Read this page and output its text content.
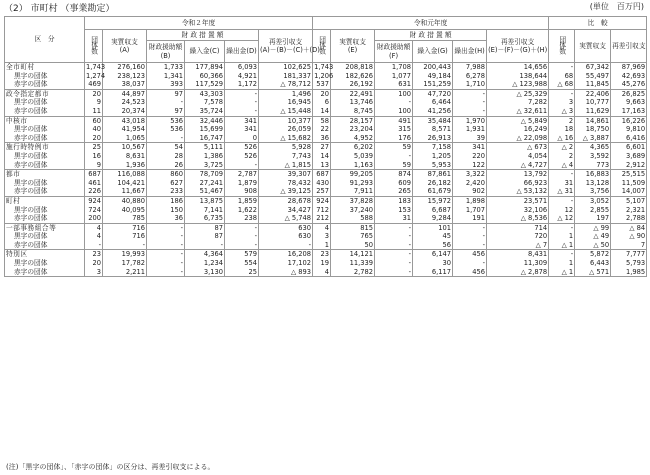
（2） 市町村 （事業勘定）	(単位　百万円)
区　分	令和２年度						令和元年度						比　較		
	団体数	実質収支
(A)	財 政 措 置 額			再差引収支
(A)－(B)－(C)＋(D)	団体数	実質収支
(E)	財 政 措 置 額			再差引収支
(E)－(F)－(G)＋(H)	団体数	実質収支	再差引収支
			財政援助額(B)	繰入金(C)	繰出金(D)				財政援助額(F)	繰入金(G)	繰出金(H)				
全市町村	1,743	276,160	1,733	177,894	6,093	102,625	1,743	208,818	1,708	200,443	7,988	14,656	-	67,342	87,969
黒字の団体	1,274	238,123	1,341	60,366	4,921	181,337	1,206	182,626	1,077	49,184	6,278	138,644	68	55,497	42,693
赤字の団体	469	38,037	393	117,529	1,172	△ 78,712	537	26,192	631	151,259	1,710	△ 123,988	△ 68	11,845	45,276
政令指定都市	20	44,897	97	43,303	-	1,496	20	22,491	100	47,720	-	△ 25,329	-	22,406	26,825
黒字の団体	9	24,523	-	7,578	-	16,945	6	13,746	-	6,464	-	7,282	3	10,777	9,663
赤字の団体	11	20,374	97	35,724	-	△ 15,448	14	8,745	100	41,256	-	△ 32,611	△ 3	11,629	17,163
中核市	60	43,018	536	32,446	341	10,377	58	28,157	491	35,484	1,970	△ 5,849	2	14,861	16,226
黒字の団体	40	41,954	536	15,699	341	26,059	22	23,204	315	8,571	1,931	16,249	18	18,750	9,810
赤字の団体	20	1,065	-	16,747	0	△ 15,682	36	4,952	176	26,913	39	△ 22,098	△ 16	△ 3,887	6,416
施行時特例市	25	10,567	54	5,111	526	5,928	27	6,202	59	7,158	341	△ 673	△ 2	4,365	6,601
黒字の団体	16	8,631	28	1,386	526	7,743	14	5,039	-	1,205	220	4,054	2	3,592	3,689
赤字の団体	9	1,936	26	3,725	-	△ 1,815	13	1,163	59	5,953	122	△ 4,727	△ 4	773	2,912
都市	687	116,088	860	78,709	2,787	39,307	687	99,205	874	87,861	3,322	13,792	-	16,883	25,515
黒字の団体	461	104,421	627	27,241	1,879	78,432	430	91,293	609	26,182	2,420	66,923	31	13,128	11,509
赤字の団体	226	11,667	233	51,467	908	△ 39,125	257	7,911	265	61,679	902	△ 53,132	△ 31	3,756	14,007
町村	924	40,880	186	13,875	1,859	28,678	924	37,828	183	15,972	1,898	23,571	-	3,052	5,107
黒字の団体	724	40,095	150	7,141	1,622	34,427	712	37,240	153	6,687	1,707	32,106	12	2,855	2,321
赤字の団体	200	785	36	6,735	238	△ 5,748	212	588	31	9,284	191	△ 8,536	△ 12	197	2,788
一部事務組合等	4	716	-	87	-	630	4	815	-	101	-	714	-	△ 99	△ 84
黒字の団体	4	716	-	87	-	630	3	765	-	45	-	720	1	△ 49	△ 90
赤字の団体	-	-	-	-	-	-	1	50	-	56	-	△ 7	△ 1	△ 50	7
特別区	23	19,993	-	4,364	579	16,208	23	14,121	-	6,147	456	8,431	-	5,872	7,777
黒字の団体	20	17,782	-	1,234	554	17,102	19	11,339	-	30	-	11,309	1	6,443	5,793
赤字の団体	3	2,211	-	3,130	25	△ 893	4	2,782	-	6,117	456	△ 2,878	△ 1	△ 571	1,985
(注)「黒字の団体」、「赤字の団体」の区分は、再差引収支による。
